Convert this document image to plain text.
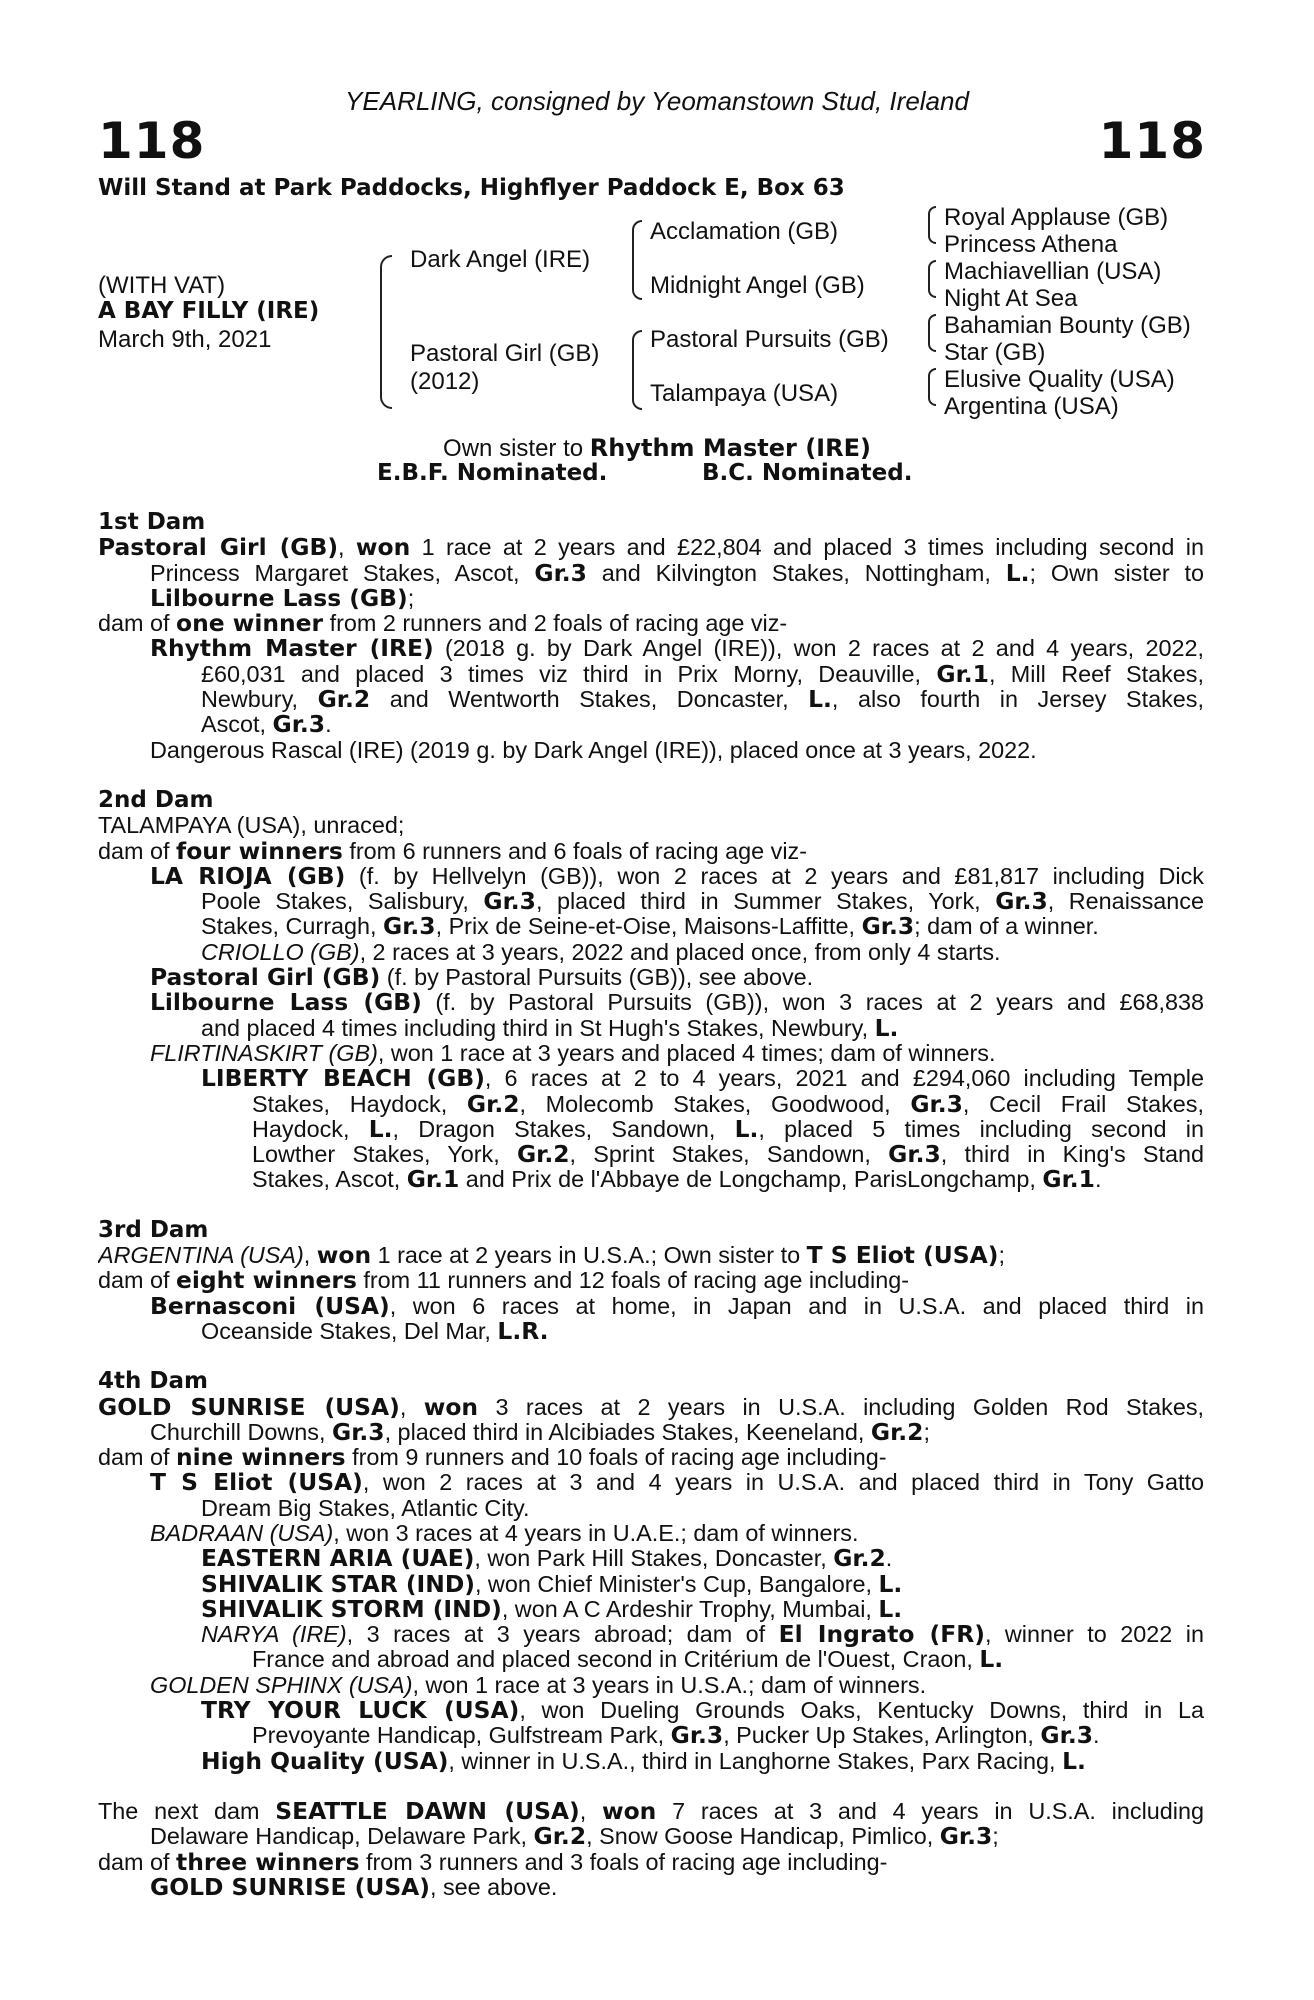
YEARLING, consigned by Yeomanstown Stud, Ireland
118	118
Will Stand at Park Paddocks, Highflyer Paddock E, Box 63
(WITH VAT)
A BAY FILLY (IRE)
March 9th, 2021
Dark Angel (IRE)
Pastoral Girl (GB)
(2012)
Acclamation (GB)
Midnight Angel (GB)
Pastoral Pursuits (GB)
Talampaya (USA)
Royal Applause (GB)
Princess Athena
Machiavellian (USA)
Night At Sea
Bahamian Bounty (GB)
Star (GB)
Elusive Quality (USA)
Argentina (USA)
Own sister to Rhythm Master (IRE)
E.B.F. Nominated.	B.C. Nominated.
1st Dam
Pastoral Girl (GB), won 1 race at 2 years and £22,804 and placed 3 times including second in
Princess Margaret Stakes, Ascot, Gr.3 and Kilvington Stakes, Nottingham, L.; Own sister to
Lilbourne Lass (GB);
dam of one winner from 2 runners and 2 foals of racing age viz-
Rhythm Master (IRE) (2018 g. by Dark Angel (IRE)), won 2 races at 2 and 4 years, 2022,
£60,031 and placed 3 times viz third in Prix Morny, Deauville, Gr.1, Mill Reef Stakes,
Newbury, Gr.2 and Wentworth Stakes, Doncaster, L., also fourth in Jersey Stakes,
Ascot, Gr.3.
Dangerous Rascal (IRE) (2019 g. by Dark Angel (IRE)), placed once at 3 years, 2022.
2nd Dam
TALAMPAYA (USA), unraced;
dam of four winners from 6 runners and 6 foals of racing age viz-
LA RIOJA (GB) (f. by Hellvelyn (GB)), won 2 races at 2 years and £81,817 including Dick
Poole Stakes, Salisbury, Gr.3, placed third in Summer Stakes, York, Gr.3, Renaissance
Stakes, Curragh, Gr.3, Prix de Seine-et-Oise, Maisons-Laffitte, Gr.3; dam of a winner.
CRIOLLO (GB), 2 races at 3 years, 2022 and placed once, from only 4 starts.
Pastoral Girl (GB) (f. by Pastoral Pursuits (GB)), see above.
Lilbourne Lass (GB) (f. by Pastoral Pursuits (GB)), won 3 races at 2 years and £68,838
and placed 4 times including third in St Hugh's Stakes, Newbury, L.
FLIRTINASKIRT (GB), won 1 race at 3 years and placed 4 times; dam of winners.
LIBERTY BEACH (GB), 6 races at 2 to 4 years, 2021 and £294,060 including Temple
Stakes, Haydock, Gr.2, Molecomb Stakes, Goodwood, Gr.3, Cecil Frail Stakes,
Haydock, L., Dragon Stakes, Sandown, L., placed 5 times including second in
Lowther Stakes, York, Gr.2, Sprint Stakes, Sandown, Gr.3, third in King's Stand
Stakes, Ascot, Gr.1 and Prix de l'Abbaye de Longchamp, ParisLongchamp, Gr.1.
3rd Dam
ARGENTINA (USA), won 1 race at 2 years in U.S.A.; Own sister to T S Eliot (USA);
dam of eight winners from 11 runners and 12 foals of racing age including-
Bernasconi (USA), won 6 races at home, in Japan and in U.S.A. and placed third in
Oceanside Stakes, Del Mar, L.R.
4th Dam
GOLD SUNRISE (USA), won 3 races at 2 years in U.S.A. including Golden Rod Stakes,
Churchill Downs, Gr.3, placed third in Alcibiades Stakes, Keeneland, Gr.2;
dam of nine winners from 9 runners and 10 foals of racing age including-
T S Eliot (USA), won 2 races at 3 and 4 years in U.S.A. and placed third in Tony Gatto
Dream Big Stakes, Atlantic City.
BADRAAN (USA), won 3 races at 4 years in U.A.E.; dam of winners.
EASTERN ARIA (UAE), won Park Hill Stakes, Doncaster, Gr.2.
SHIVALIK STAR (IND), won Chief Minister's Cup, Bangalore, L.
SHIVALIK STORM (IND), won A C Ardeshir Trophy, Mumbai, L.
NARYA (IRE), 3 races at 3 years abroad; dam of El Ingrato (FR), winner to 2022 in
France and abroad and placed second in Critérium de l'Ouest, Craon, L.
GOLDEN SPHINX (USA), won 1 race at 3 years in U.S.A.; dam of winners.
TRY YOUR LUCK (USA), won Dueling Grounds Oaks, Kentucky Downs, third in La
Prevoyante Handicap, Gulfstream Park, Gr.3, Pucker Up Stakes, Arlington, Gr.3.
High Quality (USA), winner in U.S.A., third in Langhorne Stakes, Parx Racing, L.
The next dam SEATTLE DAWN (USA), won 7 races at 3 and 4 years in U.S.A. including
Delaware Handicap, Delaware Park, Gr.2, Snow Goose Handicap, Pimlico, Gr.3;
dam of three winners from 3 runners and 3 foals of racing age including-
GOLD SUNRISE (USA), see above.
